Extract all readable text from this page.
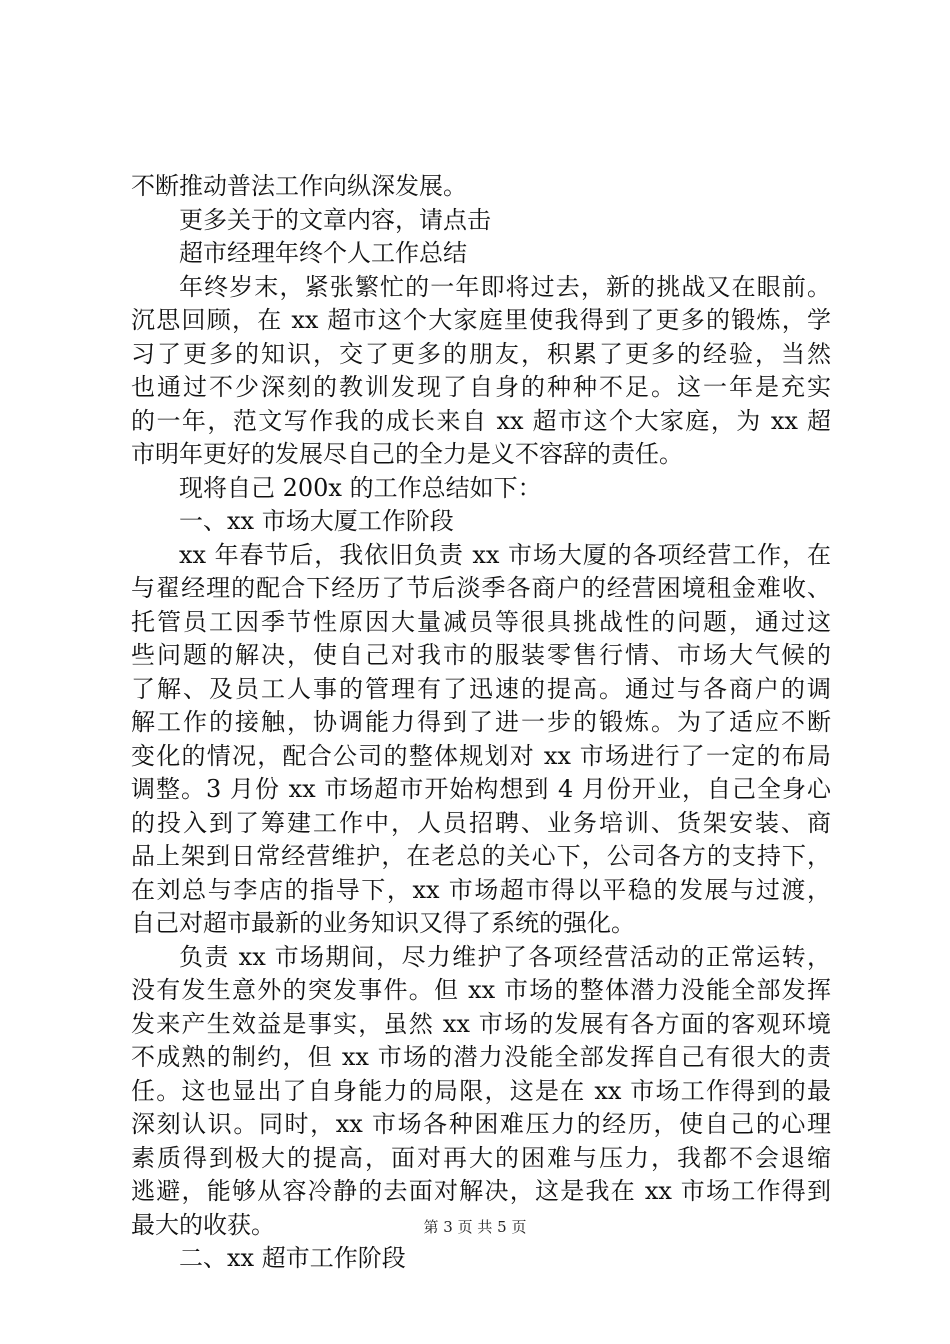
不断推动普法工作向纵深发展。
更多关于的文章内容，请点击
超市经理年终个人工作总结
年终岁末，紧张繁忙的一年即将过去，新的挑战又在眼前。
沉思回顾，在 xx 超市这个大家庭里使我得到了更多的锻炼，学
习了更多的知识，交了更多的朋友，积累了更多的经验，当然
也通过不少深刻的教训发现了自身的种种不足。这一年是充实
的一年，范文写作我的成长来自 xx 超市这个大家庭，为 xx 超
市明年更好的发展尽自己的全力是义不容辞的责任。
现将自己 200x 的工作总结如下：
一、xx 市场大厦工作阶段
xx 年春节后，我依旧负责 xx 市场大厦的各项经营工作，在
与翟经理的配合下经历了节后淡季各商户的经营困境租金难收、
托管员工因季节性原因大量减员等很具挑战性的问题，通过这
些问题的解决，使自己对我市的服装零售行情、市场大气候的
了解、及员工人事的管理有了迅速的提高。通过与各商户的调
解工作的接触，协调能力得到了进一步的锻炼。为了适应不断
变化的情况，配合公司的整体规划对 xx 市场进行了一定的布局
调整。3 月份 xx 市场超市开始构想到 4 月份开业，自己全身心
的投入到了筹建工作中，人员招聘、业务培训、货架安装、商
品上架到日常经营维护，在老总的关心下，公司各方的支持下，
在刘总与李店的指导下，xx 市场超市得以平稳的发展与过渡，
自己对超市最新的业务知识又得了系统的强化。
负责 xx 市场期间，尽力维护了各项经营活动的正常运转，
没有发生意外的突发事件。但 xx 市场的整体潜力没能全部发挥
发来产生效益是事实，虽然 xx 市场的发展有各方面的客观环境
不成熟的制约，但 xx 市场的潜力没能全部发挥自己有很大的责
任。这也显出了自身能力的局限，这是在 xx 市场工作得到的最
深刻认识。同时，xx 市场各种困难压力的经历，使自己的心理
素质得到极大的提高，面对再大的困难与压力，我都不会退缩
逃避，能够从容冷静的去面对解决，这是我在 xx 市场工作得到
最大的收获。
二、xx 超市工作阶段
第 3 页 共 5 页
